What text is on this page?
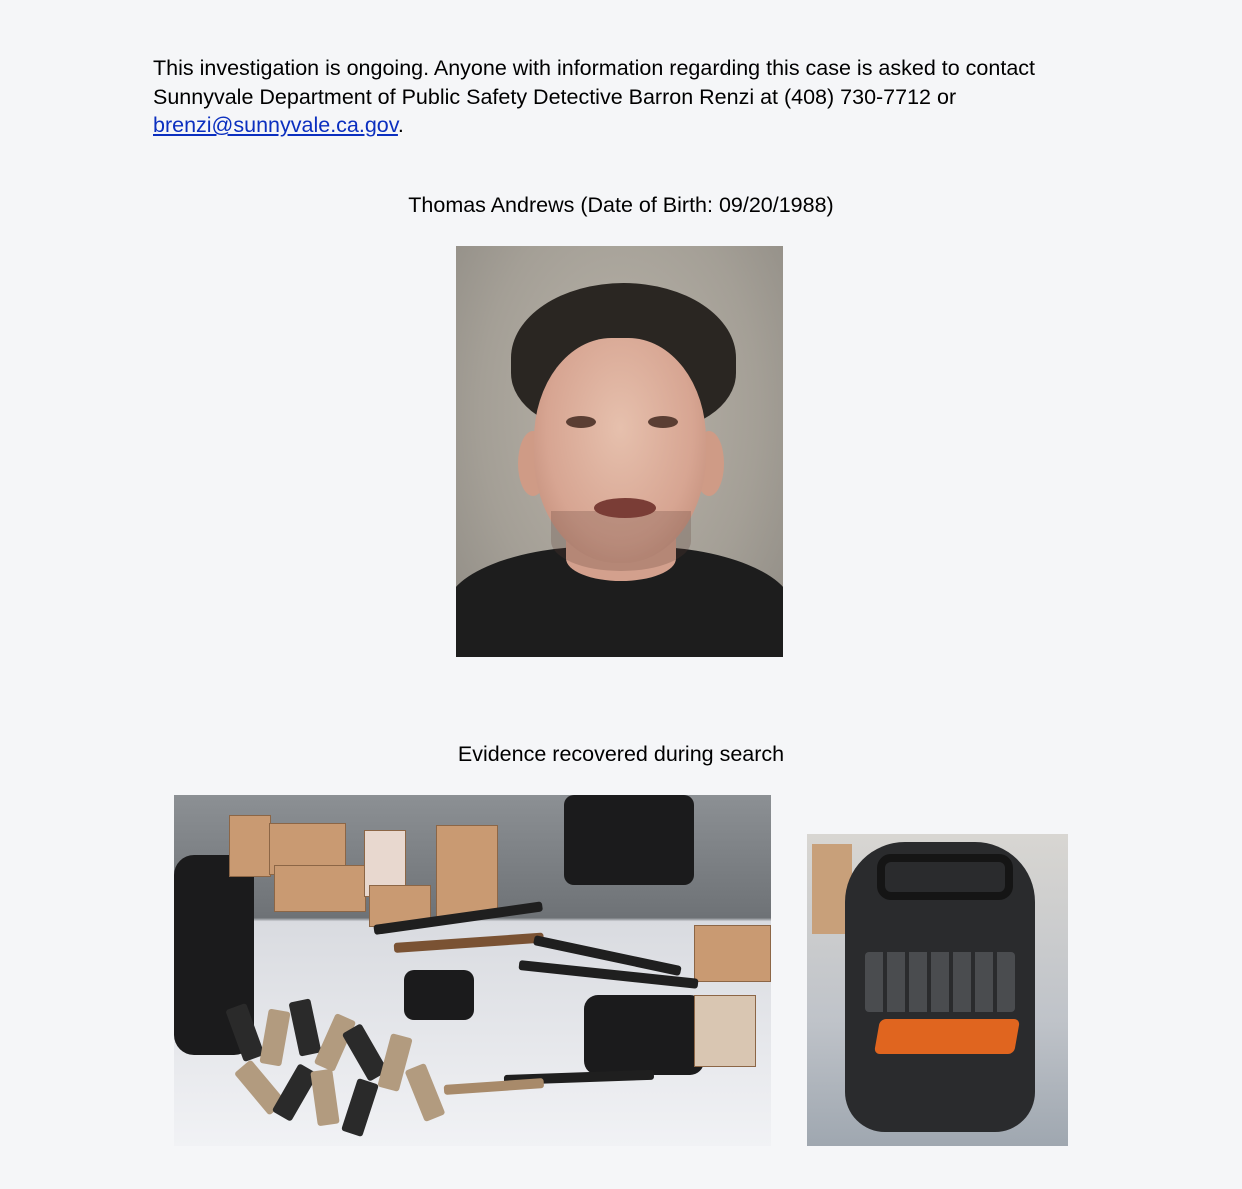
This investigation is ongoing. Anyone with information regarding this case is asked to contact Sunnyvale Department of Public Safety Detective Barron Renzi at (408) 730-7712 or brenzi@sunnyvale.ca.gov.

Thomas Andrews (Date of Birth: 09/20/1988)

Evidence recovered during search
